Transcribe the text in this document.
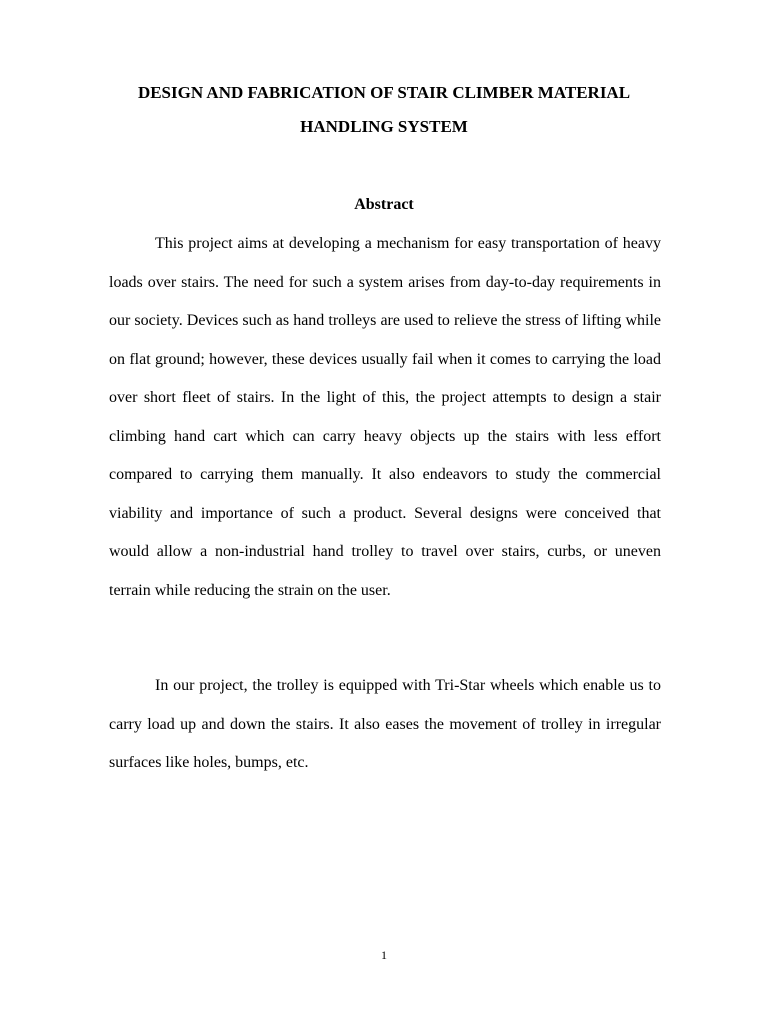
DESIGN AND FABRICATION OF STAIR CLIMBER MATERIAL HANDLING SYSTEM
Abstract

This project aims at developing a mechanism for easy transportation of heavy loads over stairs. The need for such a system arises from day-to-day requirements in our society. Devices such as hand trolleys are used to relieve the stress of lifting while on flat ground; however, these devices usually fail when it comes to carrying the load over short fleet of stairs. In the light of this, the project attempts to design a stair climbing hand cart which can carry heavy objects up the stairs with less effort compared to carrying them manually. It also endeavors to study the commercial viability and importance of such a product. Several designs were conceived that would allow a non-industrial hand trolley to travel over stairs, curbs, or uneven terrain while reducing the strain on the user.

In our project, the trolley is equipped with Tri-Star wheels which enable us to carry load up and down the stairs. It also eases the movement of trolley in irregular surfaces like holes, bumps, etc.

1
